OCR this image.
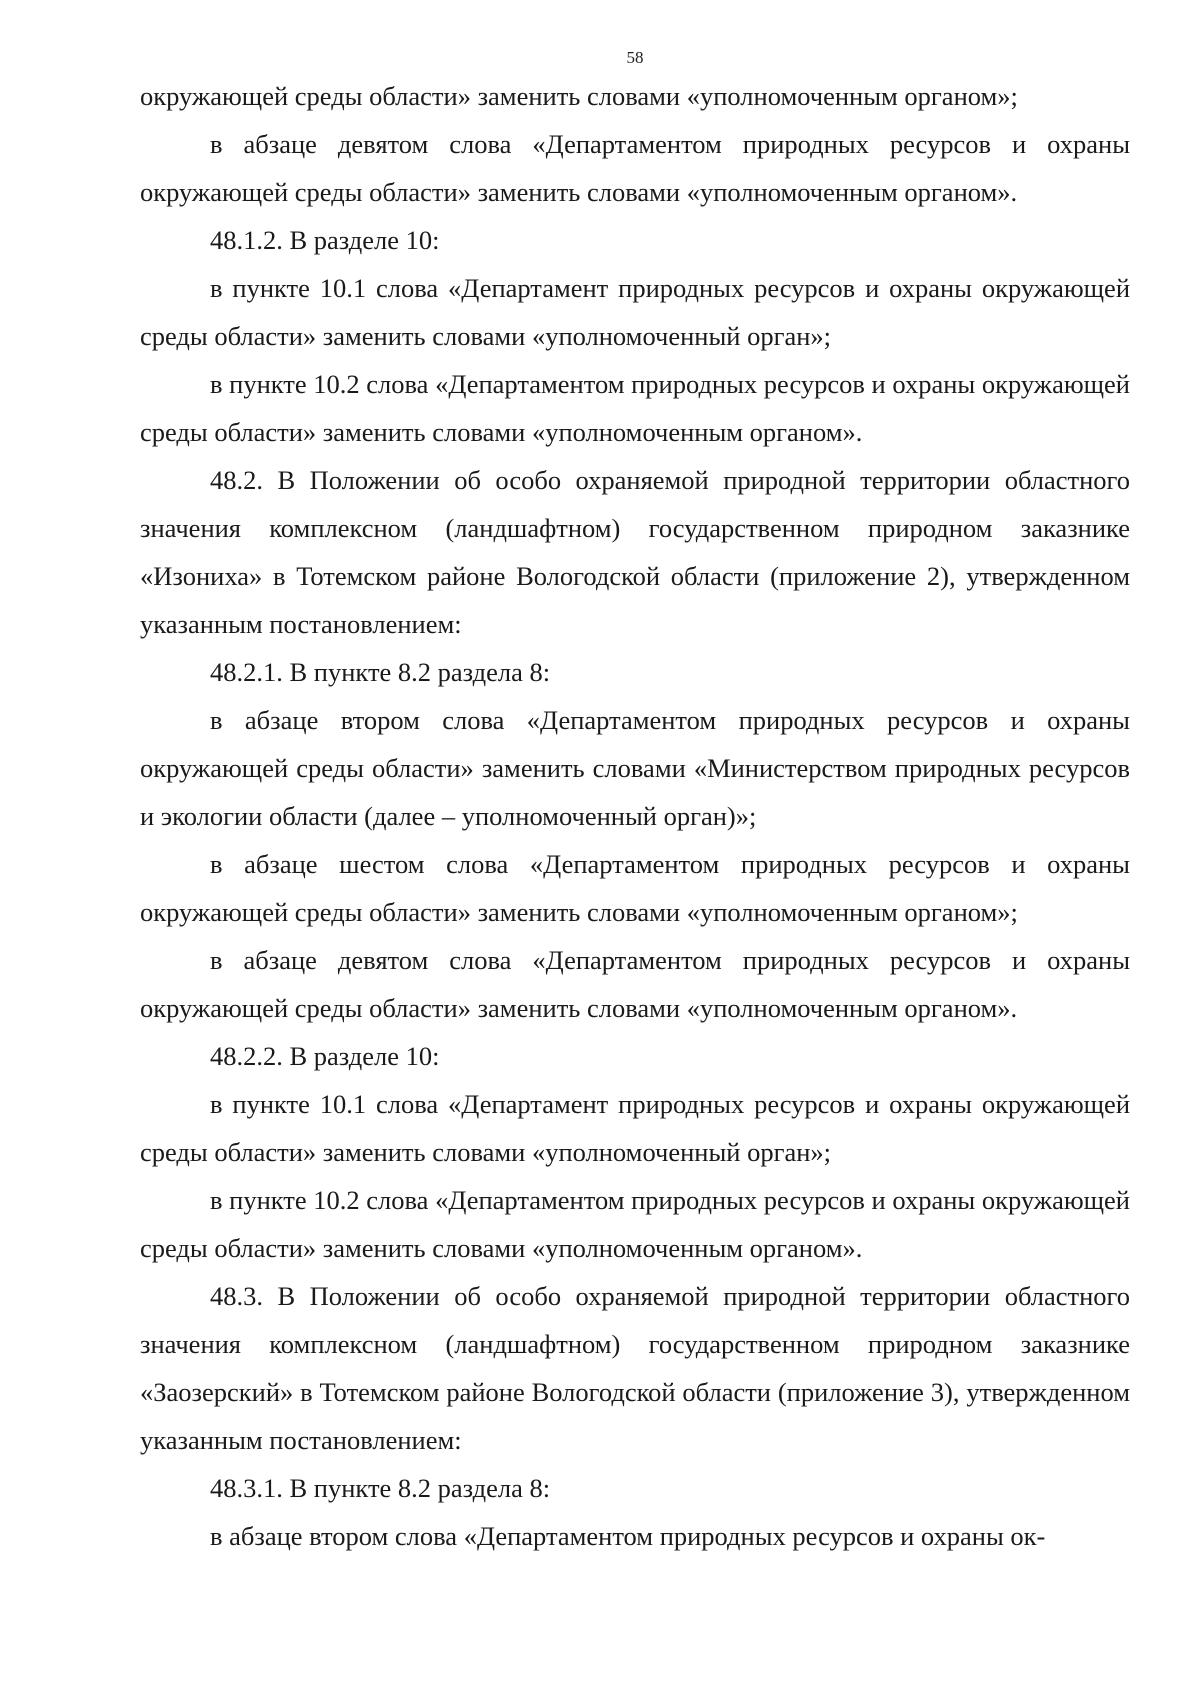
58

окружающей среды области» заменить словами «уполномоченным органом»;

в абзаце девятом слова «Департаментом природных ресурсов и охраны окружающей среды области» заменить словами «уполномоченным органом».

48.1.2. В разделе 10:

в пункте 10.1 слова «Департамент природных ресурсов и охраны окружающей среды области» заменить словами «уполномоченный орган»;

в пункте 10.2 слова «Департаментом природных ресурсов и охраны окружающей среды области» заменить словами «уполномоченным органом».

48.2. В Положении об особо охраняемой природной территории областного значения комплексном (ландшафтном) государственном природном заказнике «Изониха» в Тотемском районе Вологодской области (приложение 2), утвержденном указанным постановлением:

48.2.1. В пункте 8.2 раздела 8:

в абзаце втором слова «Департаментом природных ресурсов и охраны окружающей среды области» заменить словами «Министерством природных ресурсов и экологии области (далее – уполномоченный орган)»;

в абзаце шестом слова «Департаментом природных ресурсов и охраны окружающей среды области» заменить словами «уполномоченным органом»;

в абзаце девятом слова «Департаментом природных ресурсов и охраны окружающей среды области» заменить словами «уполномоченным органом».

48.2.2. В разделе 10:

в пункте 10.1 слова «Департамент природных ресурсов и охраны окружающей среды области» заменить словами «уполномоченный орган»;

в пункте 10.2 слова «Департаментом природных ресурсов и охраны окружающей среды области» заменить словами «уполномоченным органом».

48.3. В Положении об особо охраняемой природной территории областного значения комплексном (ландшафтном) государственном природном заказнике «Заозерский» в Тотемском районе Вологодской области (приложение 3), утвержденном указанным постановлением:

48.3.1. В пункте 8.2 раздела 8:

в абзаце втором слова «Департаментом природных ресурсов и охраны ок-
